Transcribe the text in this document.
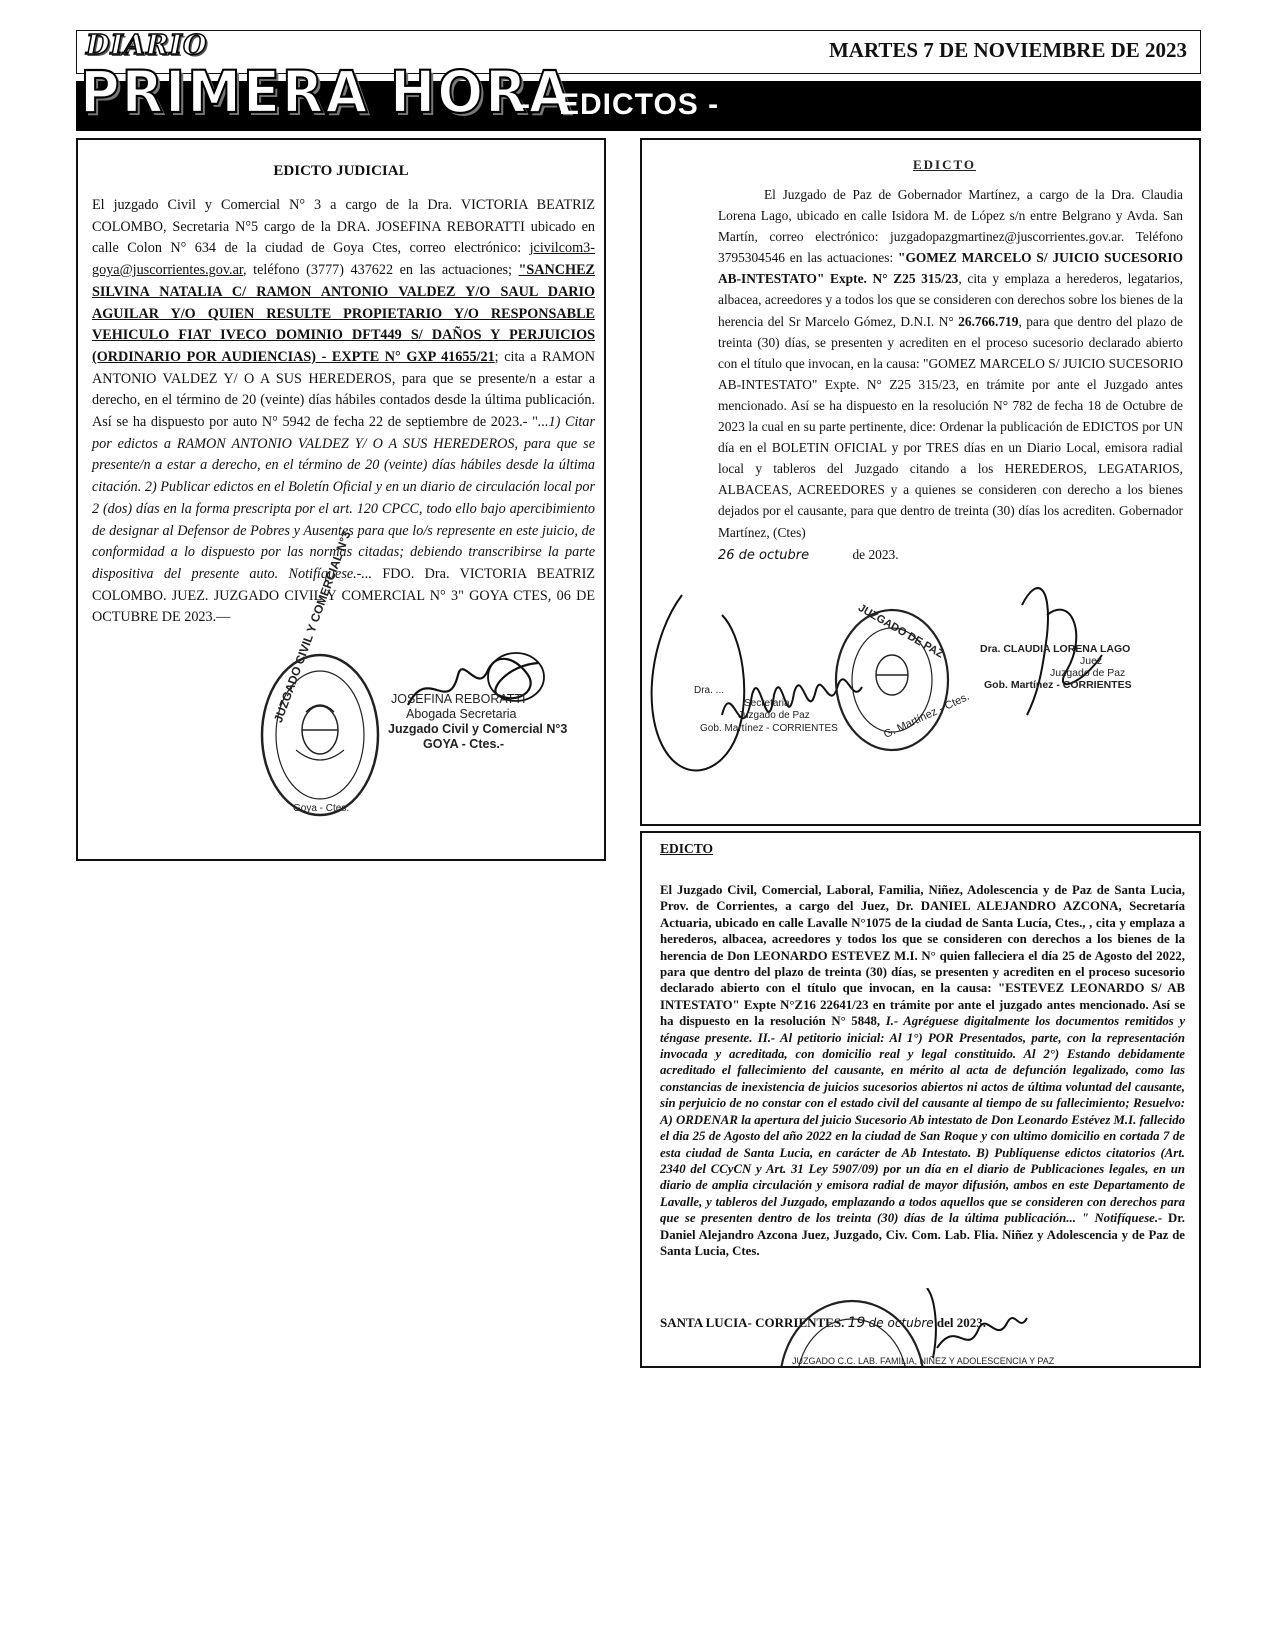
DIARIO
PRIMERA HORA
MARTES 7 DE NOVIEMBRE DE 2023
-   EDICTOS -
EDICTO JUDICIAL
El juzgado Civil y Comercial N° 3 a cargo de la Dra. VICTORIA BEATRIZ COLOMBO, Secretaria N°5 cargo de la DRA. JOSEFINA REBORATTI ubicado en calle Colon N° 634 de la ciudad de Goya Ctes, correo electrónico: jcivilcom3-goya@juscorrientes.gov.ar, teléfono (3777) 437622 en las actuaciones; "SANCHEZ SILVINA NATALIA C/ RAMON ANTONIO VALDEZ Y/O SAUL DARIO AGUILAR Y/O QUIEN RESULTE PROPIETARIO Y/O RESPONSABLE VEHICULO FIAT IVECO DOMINIO DFT449 S/ DAÑOS Y PERJUICIOS (ORDINARIO POR AUDIENCIAS) - EXPTE N° GXP 41655/21; cita a RAMON ANTONIO VALDEZ Y/ O A SUS HEREDEROS, para que se presente/n a estar a derecho, en el término de 20 (veinte) días hábiles contados desde la última publicación. Así se ha dispuesto por auto N° 5942 de fecha 22 de septiembre de 2023.- "...1) Citar por edictos a RAMON ANTONIO VALDEZ Y/ O A SUS HEREDEROS, para que se presente/n a estar a derecho, en el término de 20 (veinte) días hábiles desde la última citación. 2) Publicar edictos en el Boletín Oficial y en un diario de circulación local por 2 (dos) días en la forma prescripta por el art. 120 CPCC, todo ello bajo apercibimiento de designar al Defensor de Pobres y Ausentes para que lo/s represente en este juicio, de conformidad a lo dispuesto por las normas citadas; debiendo transcribirse la parte dispositiva del presente auto. Notifíquese.-... FDO. Dra. VICTORIA BEATRIZ COLOMBO. JUEZ. JUZGADO CIVIL Y COMERCIAL N° 3" GOYA CTES, 06 DE OCTUBRE DE 2023.—	JUZGADO CIVIL Y COMERCIAL N°3
Goya - Ctes.
JOSEFINA REBORATTI
Abogada Secretaria
Juzgado Civil y Comercial N°3
GOYA - Ctes.-
EDICTO
El Juzgado de Paz de Gobernador Martínez, a cargo de la Dra. Claudia Lorena Lago, ubicado en calle Isidora M. de López s/n entre Belgrano y Avda. San Martín, correo electrónico: juzgadopazgmartinez@juscorrientes.gov.ar. Teléfono 3795304546 en las actuaciones: "GOMEZ MARCELO S/ JUICIO SUCESORIO AB-INTESTATO" Expte. N° Z25 315/23, cita y emplaza a herederos, legatarios, albacea, acreedores y a todos los que se consideren con derechos sobre los bienes de la herencia del Sr Marcelo Gómez, D.N.I. N° 26.766.719, para que dentro del plazo de treinta (30) días, se presenten y acrediten en el proceso sucesorio declarado abierto con el título que invocan, en la causa: "GOMEZ MARCELO S/ JUICIO SUCESORIO AB-INTESTATO" Expte. N° Z25 315/23, en trámite por ante el Juzgado antes mencionado. Así se ha dispuesto en la resolución N° 782 de fecha 18 de Octubre de 2023 la cual en su parte pertinente, dice: Ordenar la publicación de EDICTOS por UN día en el BOLETIN OFICIAL y por TRES días en un Diario Local, emisora radial local y tableros del Juzgado citando a los HEREDEROS, LEGATARIOS, ALBACEAS, ACREEDORES y a quienes se consideren con derecho a los bienes dejados por el causante, para que dentro de treinta (30) días los acrediten. Gobernador Martínez, (Ctes)
26 de octubre	de 2023.
JUZGADO DE PAZ
G. Martínez - Ctes.
Dra. ...
Secretaria
Juzgado de Paz
Gob. Martínez - CORRIENTES
Dra. CLAUDIA LORENA LAGO
Juez
Juzgado de Paz
Gob. Martínez - CORRIENTES
EDICTO
El Juzgado Civil, Comercial, Laboral, Familia, Niñez, Adolescencia y de Paz de Santa Lucia, Prov. de Corrientes, a cargo del Juez, Dr. DANIEL ALEJANDRO AZCONA, Secretaría Actuaria, ubicado en calle Lavalle N°1075 de la ciudad de Santa Lucía, Ctes., , cita y emplaza a herederos, albacea, acreedores y todos los que se consideren con derechos a los bienes de la herencia de Don LEONARDO ESTEVEZ M.I. N° quien falleciera el día 25 de Agosto del 2022, para que dentro del plazo de treinta (30) días, se presenten y acrediten en el proceso sucesorio declarado abierto con el título que invocan, en la causa: "ESTEVEZ LEONARDO S/ AB INTESTATO" Expte N°Z16 22641/23 en trámite por ante el juzgado antes mencionado. Así se ha dispuesto en la resolución N° 5848, I.- Agréguese digitalmente los documentos remitidos y téngase presente. II.- Al petitorio inicial: Al 1°) POR Presentados, parte, con la representación invocada y acreditada, con domicilio real y legal constituido. Al 2°) Estando debidamente acreditado el fallecimiento del causante, en mérito al acta de defunción legalizado, como las constancias de inexistencia de juicios sucesorios abiertos ni actos de última voluntad del causante, sin perjuicio de no constar con el estado civil del causante al tiempo de su fallecimiento; Resuelvo: A) ORDENAR la apertura del juicio Sucesorio Ab intestato de Don Leonardo Estévez M.I. fallecido el dia 25 de Agosto del año 2022 en la ciudad de San Roque y con ultimo domicilio en cortada 7 de esta ciudad de Santa Lucia, en carácter de Ab Intestato. B) Publíquense edictos citatorios (Art. 2340 del CCyCN y Art. 31 Ley 5907/09) por un día en el diario de Publicaciones legales, en un diario de amplia circulación y emisora radial de mayor difusión, ambos en este Departamento de Lavalle, y tableros del Juzgado, emplazando a todos aquellos que se consideren con derechos para que se presenten dentro de los treinta (30) días de la última publicación... " Notifíquese.- Dr. Daniel Alejandro Azcona Juez, Juzgado, Civ. Com. Lab. Flia. Niñez y Adolescencia y de Paz de Santa Lucia, Ctes.
SANTA LUCIA- CORRIENTES. 19 de octubre del 2023.
JUZGADO C.C. LAB. FAMILIA, NIÑEZ Y ADOLESCENCIA Y PAZ
